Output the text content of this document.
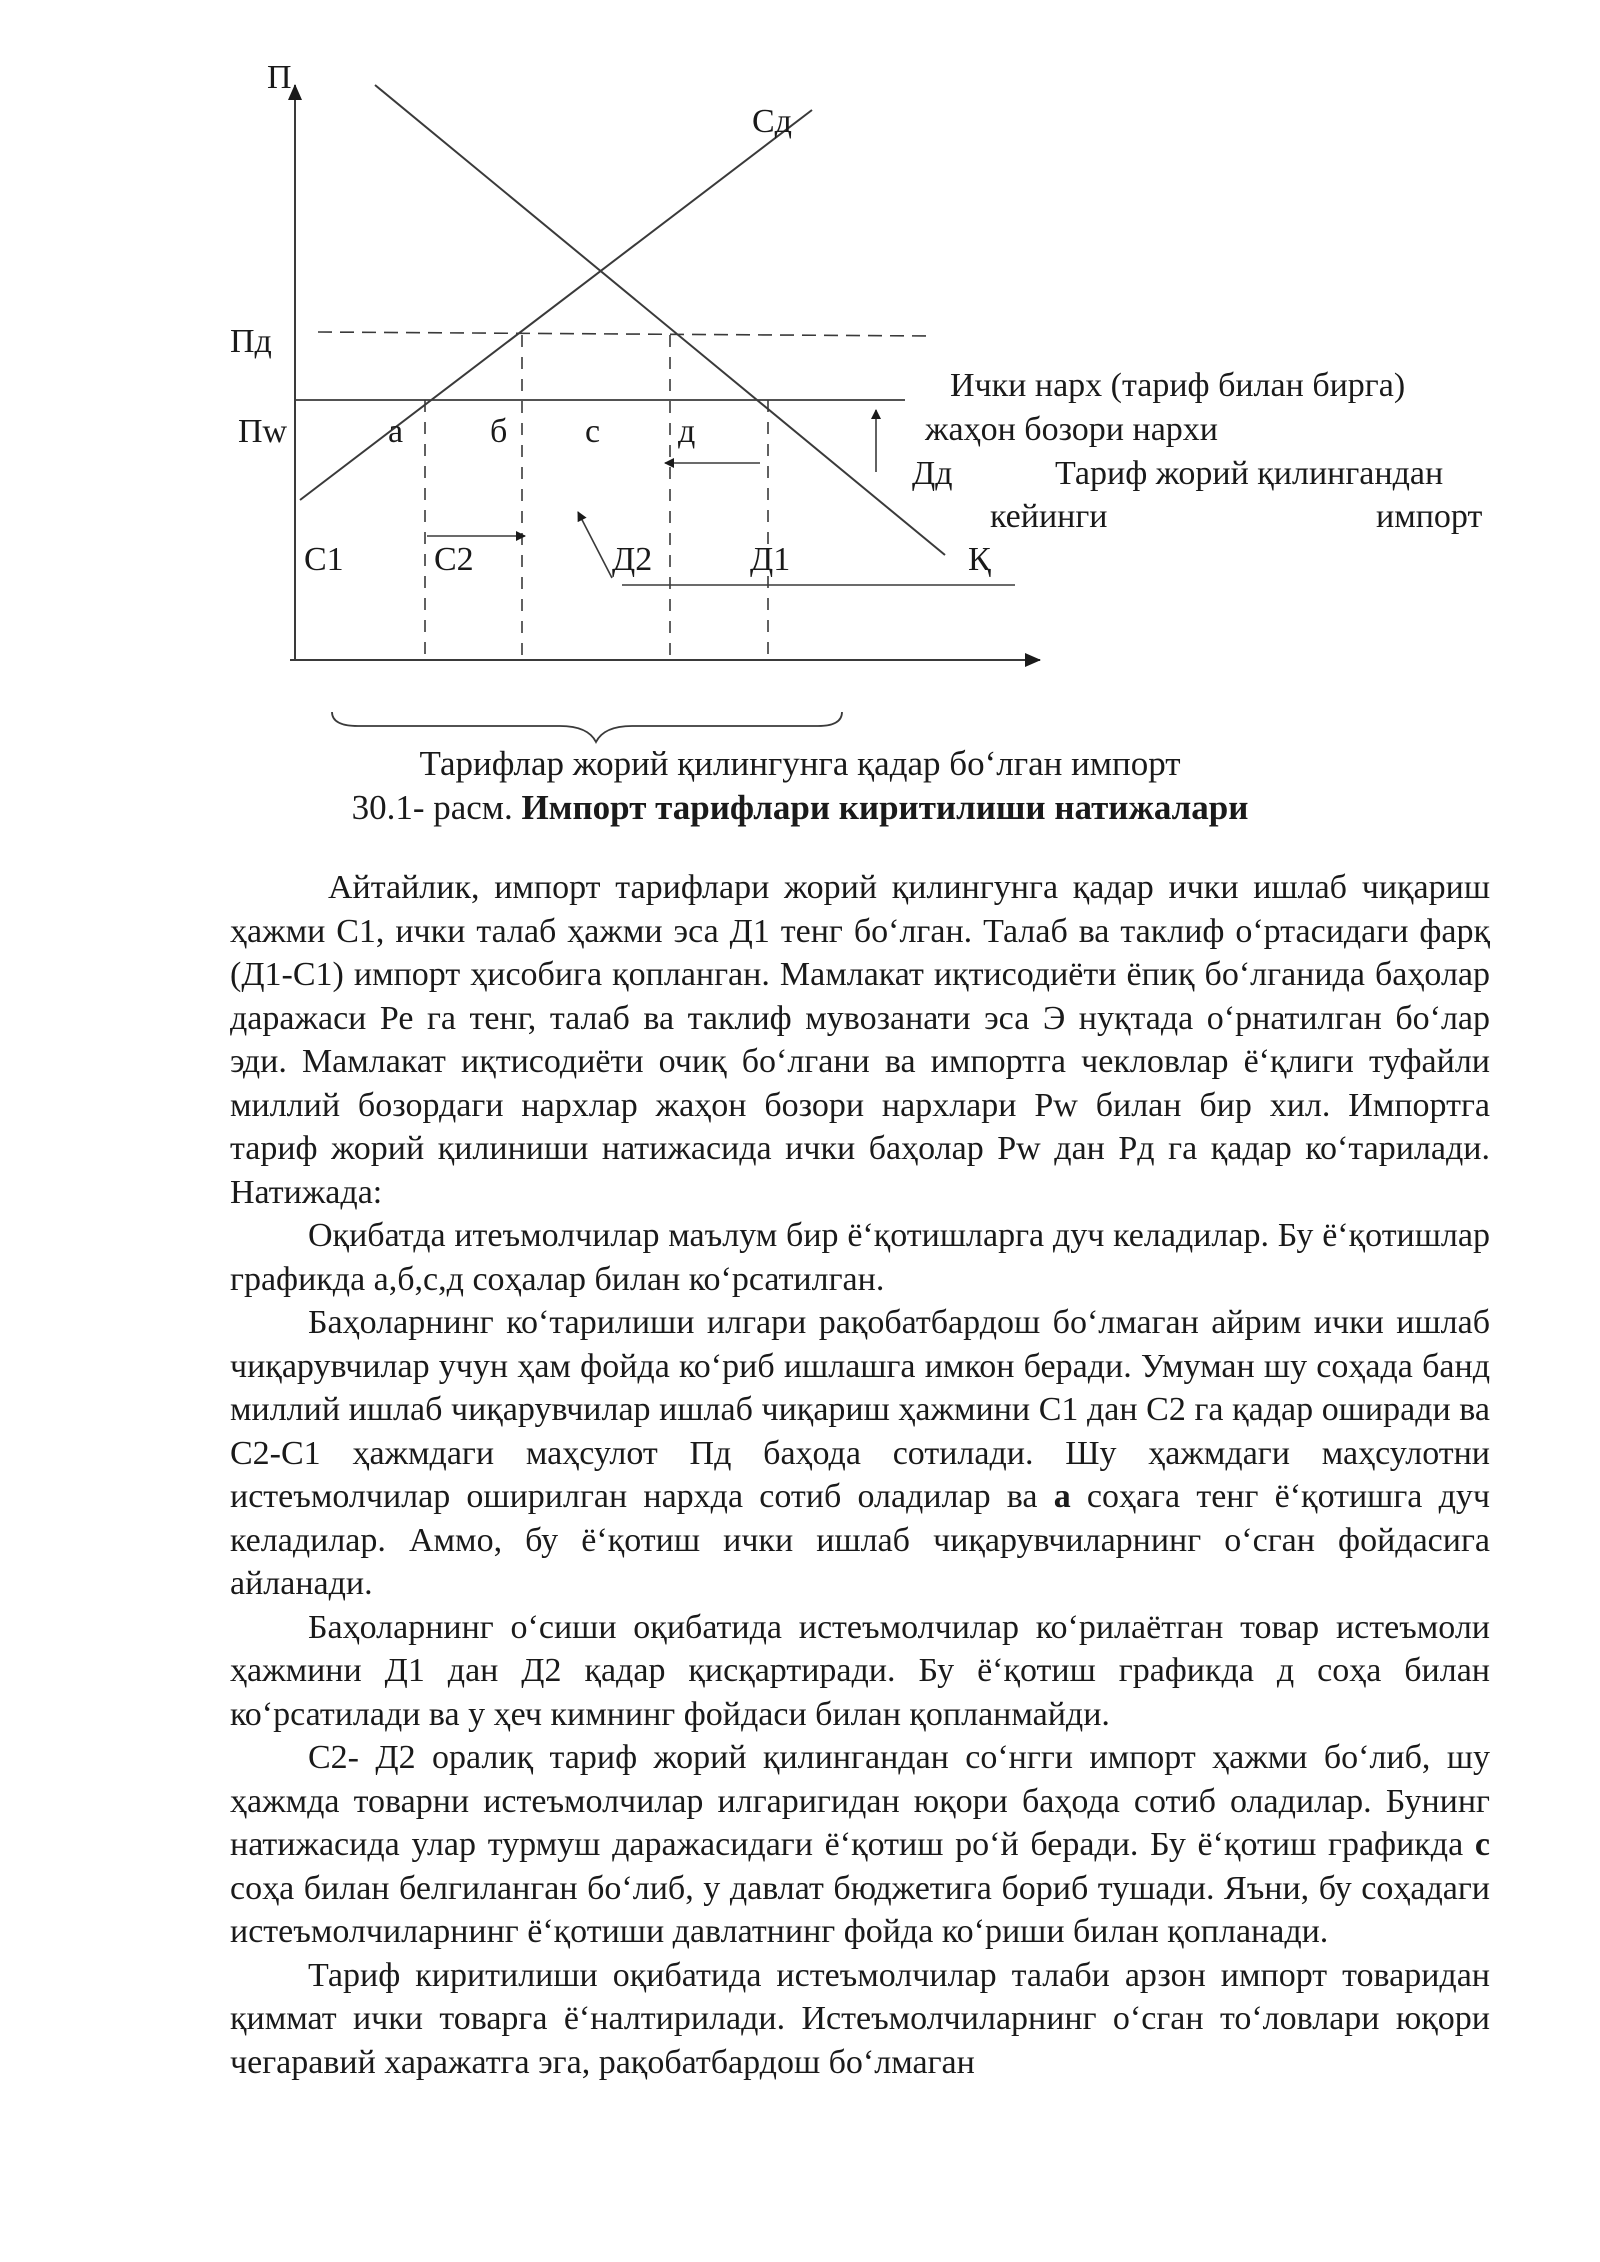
П
Сд
Пд
Пw	а	б с д
С1	С2	Д2	Д1	Қ
Ички нарх (тариф билан бирга)
жаҳон бозори нархи
Дд	Тариф жорий қилингандан
кейинги	импорт
Тарифлар жорий қилингунга қадар бо‘лган импорт
30.1- расм. Импорт тарифлари киритилиши натижалари

Айтайлик, импорт тарифлари жорий қилингунга қадар ички ишлаб чиқариш ҳажми С1, ички талаб ҳажми эса Д1 тенг бо‘лган. Талаб ва таклиф о‘ртасидаги фарқ (Д1-С1) импорт ҳисобига қопланган. Мамлакат иқтисодиёти ёпиқ бо‘лганида баҳолар даражаси Ре га тенг, талаб ва таклиф мувозанати эса Э нуқтада о‘рнатилган бо‘лар эди. Мамлакат иқтисодиёти очиқ бо‘лгани ва импортга чекловлар ё‘қлиги туфайли миллий бозордаги нархлар жаҳон бозори нархлари Pw билан бир хил. Импортга тариф жорий қилиниши натижасида ички баҳолар Pw дан Pд га қадар ко‘тарилади. Натижада:

Оқибатда итеъмолчилар маълум бир ё‘қотишларга дуч келадилар. Бу ё‘қотишлар графикда а,б,с,д соҳалар билан ко‘рсатилган.

Баҳоларнинг ко‘тарилиши илгари рақобатбардош бо‘лмаган айрим ички ишлаб чиқарувчилар учун ҳам фойда ко‘риб ишлашга имкон беради. Умуман шу соҳада банд миллий ишлаб чиқарувчилар ишлаб чиқариш ҳажмини С1 дан С2 га қадар оширади ва С2-С1 ҳажмдаги маҳсулот Пд баҳода сотилади. Шу ҳажмдаги маҳсулотни истеъмолчилар оширилган нархда сотиб оладилар ва а соҳага тенг ё‘қотишга дуч келадилар. Аммо, бу ё‘қотиш ички ишлаб чиқарувчиларнинг о‘сган фойдасига айланади.

Баҳоларнинг о‘сиши оқибатида истеъмолчилар ко‘рилаётган товар истеъмоли ҳажмини Д1 дан Д2 қадар қисқартиради. Бу ё‘қотиш графикда д соҳа билан ко‘рсатилади ва у ҳеч кимнинг фойдаси билан қопланмайди.

С2- Д2 оралиқ тариф жорий қилингандан со‘нгги импорт ҳажми бо‘либ, шу ҳажмда товарни истеъмолчилар илгаригидан юқори баҳода сотиб оладилар. Бунинг натижасида улар турмуш даражасидаги ё‘қотиш ро‘й беради. Бу ё‘қотиш графикда с соҳа билан белгиланган бо‘либ, у давлат бюджетига бориб тушади. Яъни, бу соҳадаги истеъмолчиларнинг ё‘қотиши давлатнинг фойда ко‘риши билан қопланади.

Тариф киритилиши оқибатида истеъмолчилар талаби арзон импорт товаридан қиммат ички товарга ё‘налтирилади. Истеъмолчиларнинг о‘сган то‘ловлари юқори чегаравий харажатга эга, рақобатбардош бо‘лмаган
